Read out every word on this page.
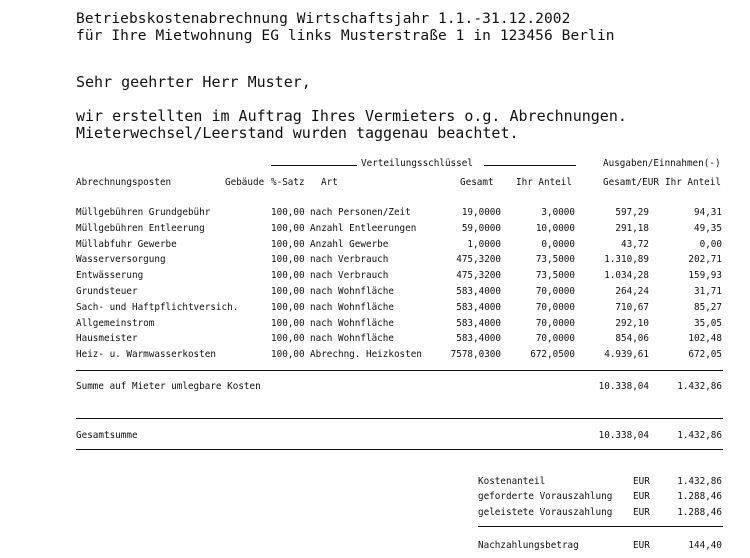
Betriebskostenabrechnung Wirtschaftsjahr 1.1.-31.12.2002
für Ihre Mietwohnung EG links Musterstraße 1 in 123456 Berlin
Sehr geehrter Herr Muster,
wir erstellten im Auftrag Ihres Vermieters o.g. Abrechnungen.
Mieterwechsel/Leerstand wurden taggenau beachtet.
Verteilungsschlüssel	Ausgaben/Einnahmen(-)
Abrechnungsposten	Gebäude %-Satz Art	Gesamt Ihr Anteil	Gesamt/EUR Ihr Anteil
Müllgebühren Grundgebühr	100,00 nach Personen/Zeit	19,0000	3,0000	597,29	94,31
Müllgebühren Entleerung	100,00 Anzahl Entleerungen	59,0000	10,0000	291,18	49,35
Müllabfuhr Gewerbe	100,00 Anzahl Gewerbe	1,0000	0,0000	43,72	0,00
Wasserversorgung	100,00 nach Verbrauch	475,3200	73,5000	1.310,89	202,71
Entwässerung	100,00 nach Verbrauch	475,3200	73,5000	1.034,28	159,93
Grundsteuer	100,00 nach Wohnfläche	583,4000	70,0000	264,24	31,71
Sach- und Haftpflichtversich.	100,00 nach Wohnfläche	583,4000	70,0000	710,67	85,27
Allgemeinstrom	100,00 nach Wohnfläche	583,4000	70,0000	292,10	35,05
Hausmeister	100,00 nach Wohnfläche	583,4000	70,0000	854,06	102,48
Heiz- u. Warmwasserkosten	100,00 Abrechng. Heizkosten	7578,0300	672,0500	4.939,61	672,05
Summe auf Mieter umlegbare Kosten	10.338,04	1.432,86
Gesamtsumme	10.338,04	1.432,86
Kostenanteil	EUR	1.432,86
geforderte Vorauszahlung EUR	1.288,46
geleistete Vorauszahlung EUR	1.288,46
Nachzahlungsbetrag	EUR	144,40
